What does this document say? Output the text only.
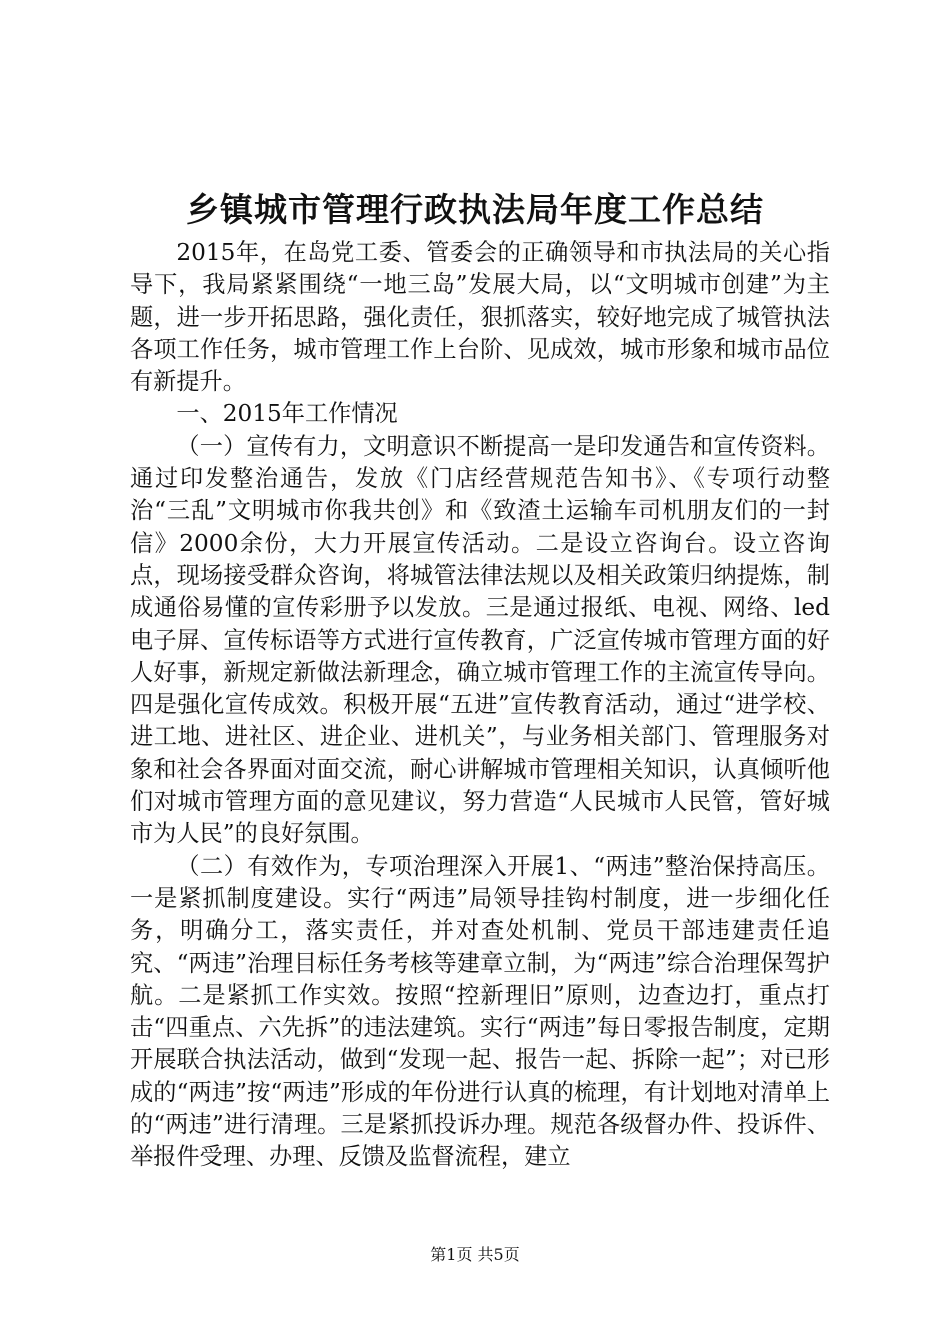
乡镇城市管理行政执法局年度工作总结

2015年，在岛党工委、管委会的正确领导和市执法局的关心指导下，我局紧紧围绕“一地三岛”发展大局，以“文明城市创建”为主题，进一步开拓思路，强化责任，狠抓落实，较好地完成了城管执法各项工作任务，城市管理工作上台阶、见成效，城市形象和城市品位有新提升。

一、2015年工作情况

（一）宣传有力，文明意识不断提高一是印发通告和宣传资料。通过印发整治通告，发放《门店经营规范告知书》、《专项行动整治“三乱”文明城市你我共创》和《致渣土运输车司机朋友们的一封信》2000余份，大力开展宣传活动。二是设立咨询台。设立咨询点，现场接受群众咨询，将城管法律法规以及相关政策归纳提炼，制成通俗易懂的宣传彩册予以发放。三是通过报纸、电视、网络、led电子屏、宣传标语等方式进行宣传教育，广泛宣传城市管理方面的好人好事，新规定新做法新理念，确立城市管理工作的主流宣传导向。四是强化宣传成效。积极开展“五进”宣传教育活动，通过“进学校、进工地、进社区、进企业、进机关”，与业务相关部门、管理服务对象和社会各界面对面交流，耐心讲解城市管理相关知识，认真倾听他们对城市管理方面的意见建议，努力营造“人民城市人民管，管好城市为人民”的良好氛围。

（二）有效作为，专项治理深入开展1、“两违”整治保持高压。一是紧抓制度建设。实行“两违”局领导挂钩村制度，进一步细化任务，明确分工，落实责任，并对查处机制、党员干部违建责任追究、“两违”治理目标任务考核等建章立制，为“两违”综合治理保驾护航。二是紧抓工作实效。按照“控新理旧”原则，边查边打，重点打击“四重点、六先拆”的违法建筑。实行“两违”每日零报告制度，定期开展联合执法活动，做到“发现一起、报告一起、拆除一起”；对已形成的“两违”按“两违”形成的年份进行认真的梳理，有计划地对清单上的“两违”进行清理。三是紧抓投诉办理。规范各级督办件、投诉件、举报件受理、办理、反馈及监督流程，建立

第1页 共5页
